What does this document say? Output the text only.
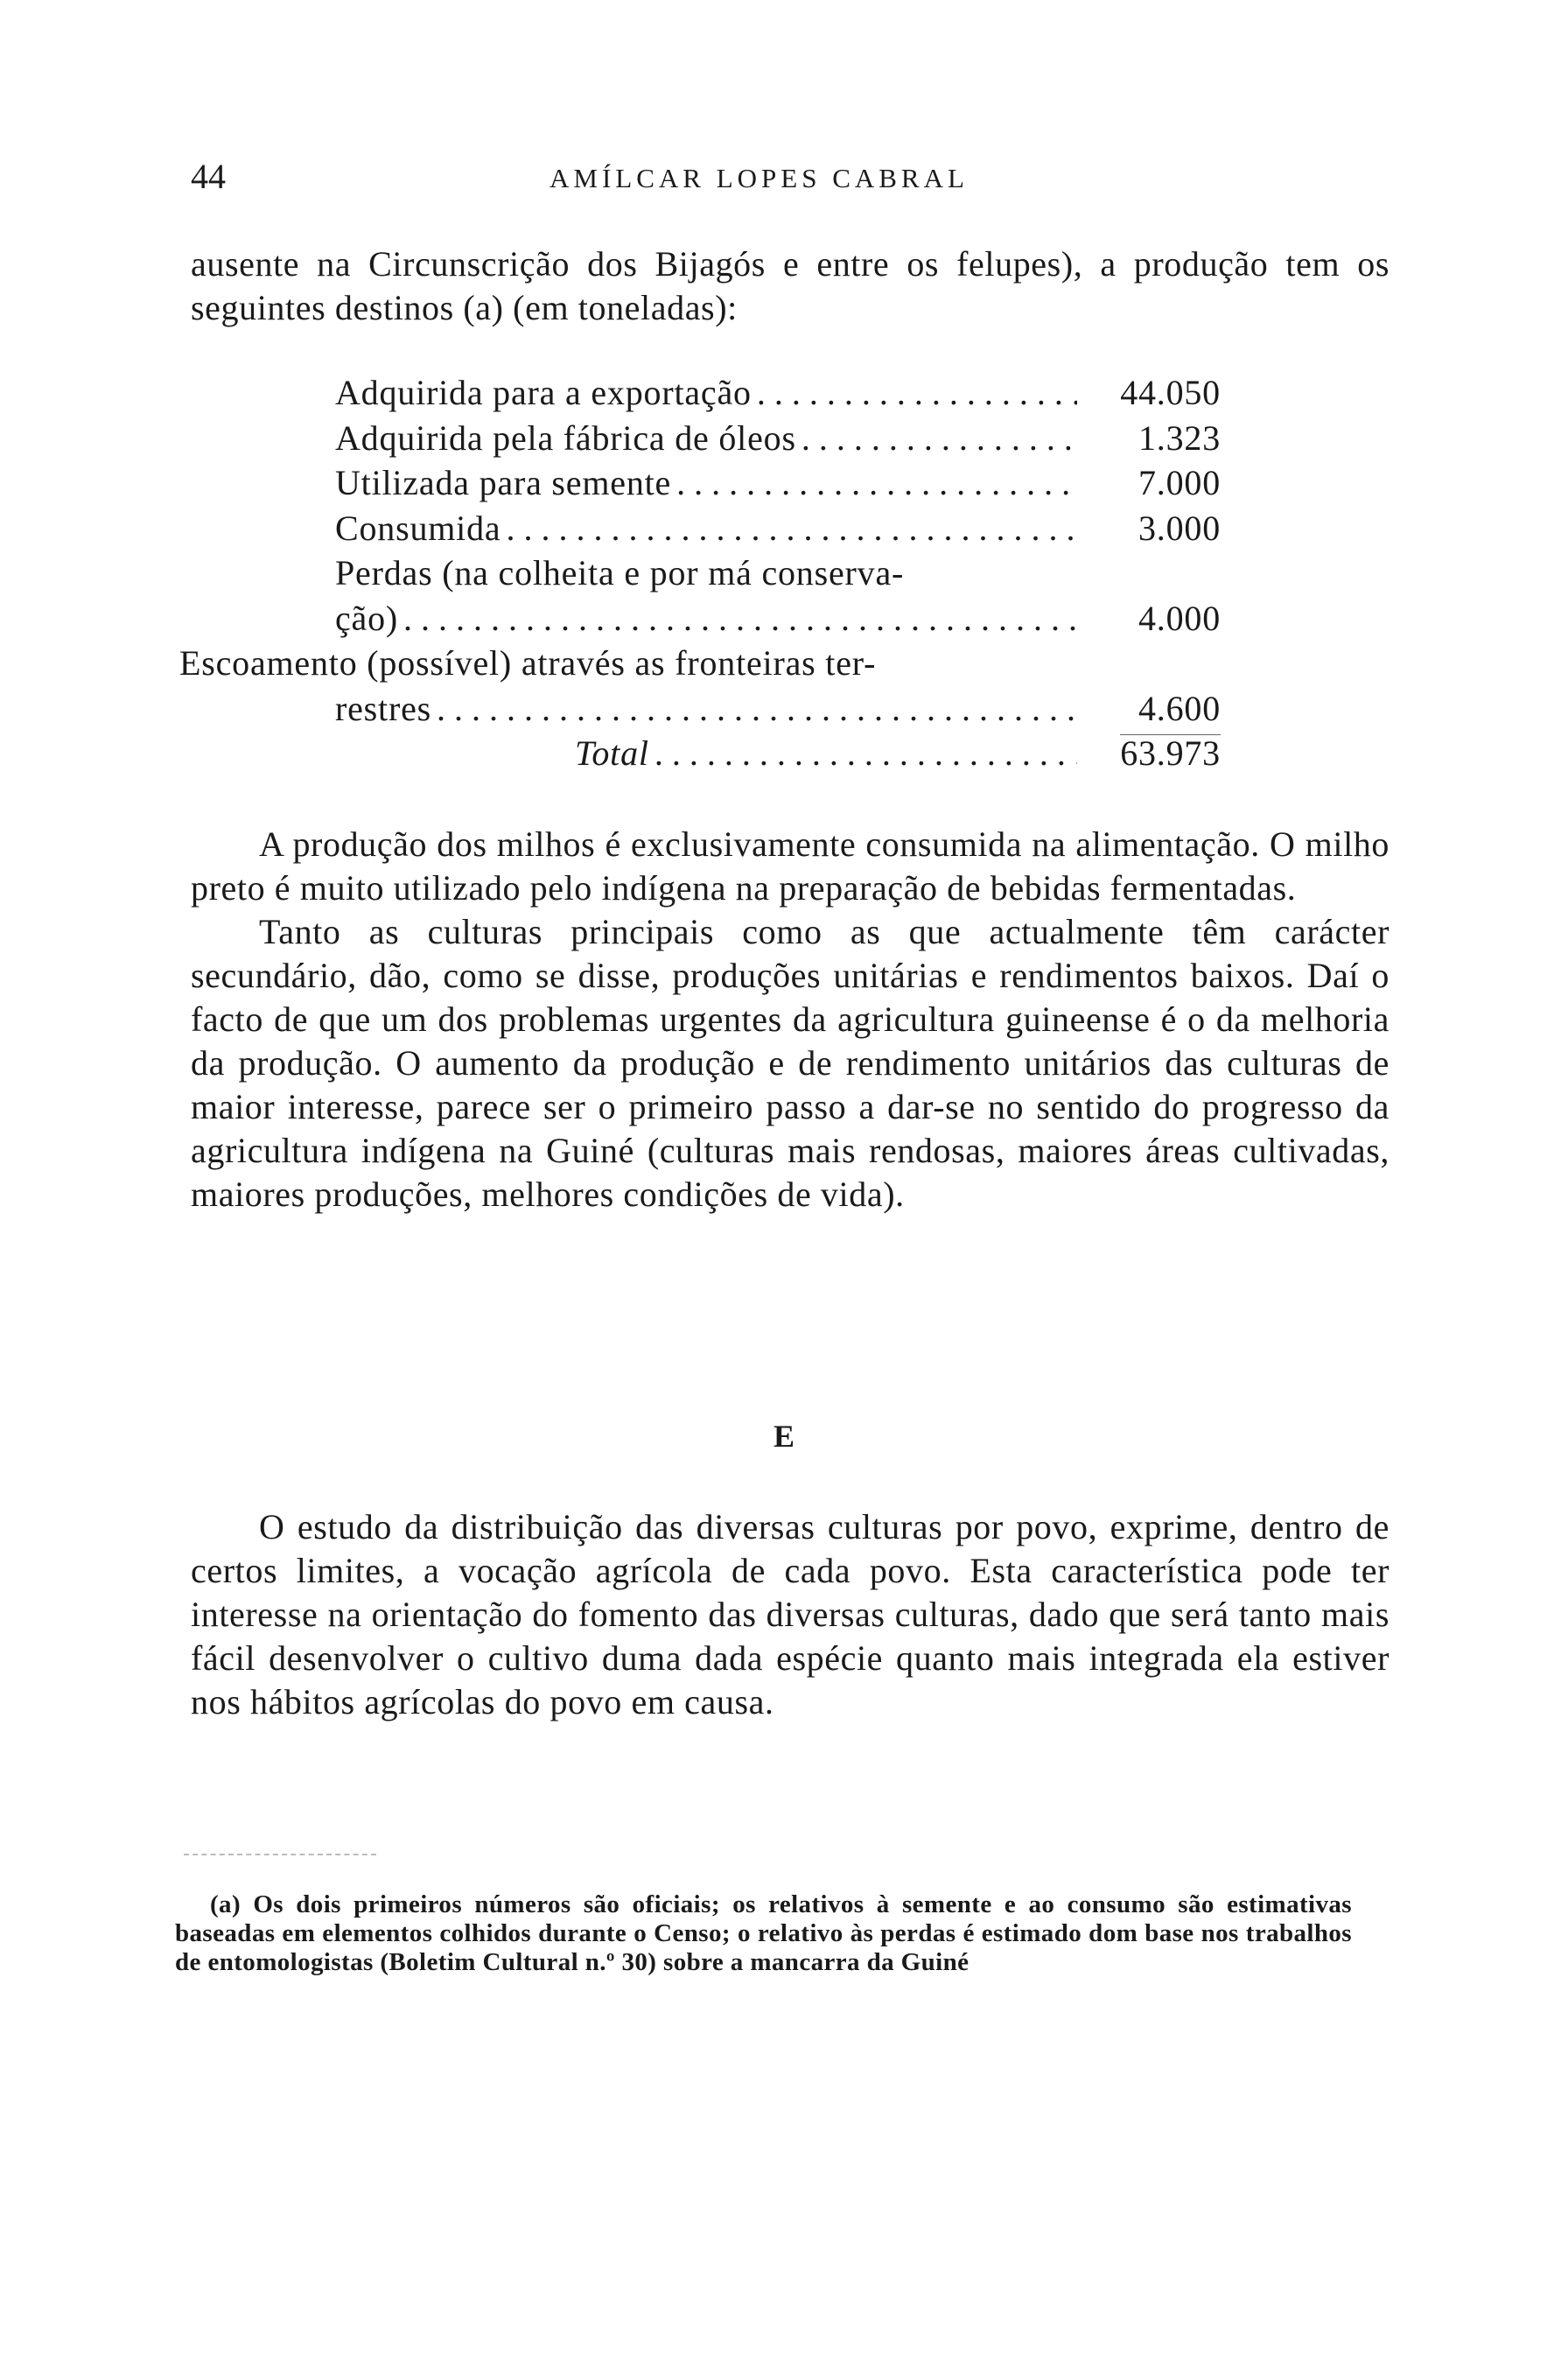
44	AMÍLCAR LOPES CABRAL

ausente na Circunscrição dos Bijagós e entre os felupes), a produção tem os seguintes destinos (a) (em toneladas):

Adquirida para a exportação . . .	44.050
Adquirida pela fábrica de óleos . . .	1.323
Utilizada para semente . . .	7.000
Consumida . . .	3.000
Perdas (na colheita e por má conserva-
ção) . . .	4.000
Escoamento (possível) através as fronteiras ter-
restres . . .	4.600
Total . . .	63.973

A produção dos milhos é exclusivamente consumida na alimentação. O milho preto é muito utilizado pelo indígena na preparação de bebidas fermentadas.

Tanto as culturas principais como as que actualmente têm carácter secundário, dão, como se disse, produções unitárias e rendimentos baixos. Daí o facto de que um dos problemas urgentes da agricultura guineense é o da melhoria da produção. O aumento da produção e de rendimento unitários das culturas de maior interesse, parece ser o primeiro passo a dar-se no sentido do progresso da agricultura indígena na Guiné (culturas mais rendosas, maiores áreas cultivadas, maiores produções, melhores condições de vida).

E

O estudo da distribuição das diversas culturas por povo, exprime, dentro de certos limites, a vocação agrícola de cada povo. Esta característica pode ter interesse na orientação do fomento das diversas culturas, dado que será tanto mais fácil desenvolver o cultivo duma dada espécie quanto mais integrada ela estiver nos hábitos agrícolas do povo em causa.

(a) Os dois primeiros números são oficiais; os relativos à semente e ao consumo são estimativas baseadas em elementos colhidos durante o Censo; o relativo às perdas é estimado dom base nos trabalhos de entomologistas (Boletim Cultural n.º 30) sobre a mancarra da Guiné
